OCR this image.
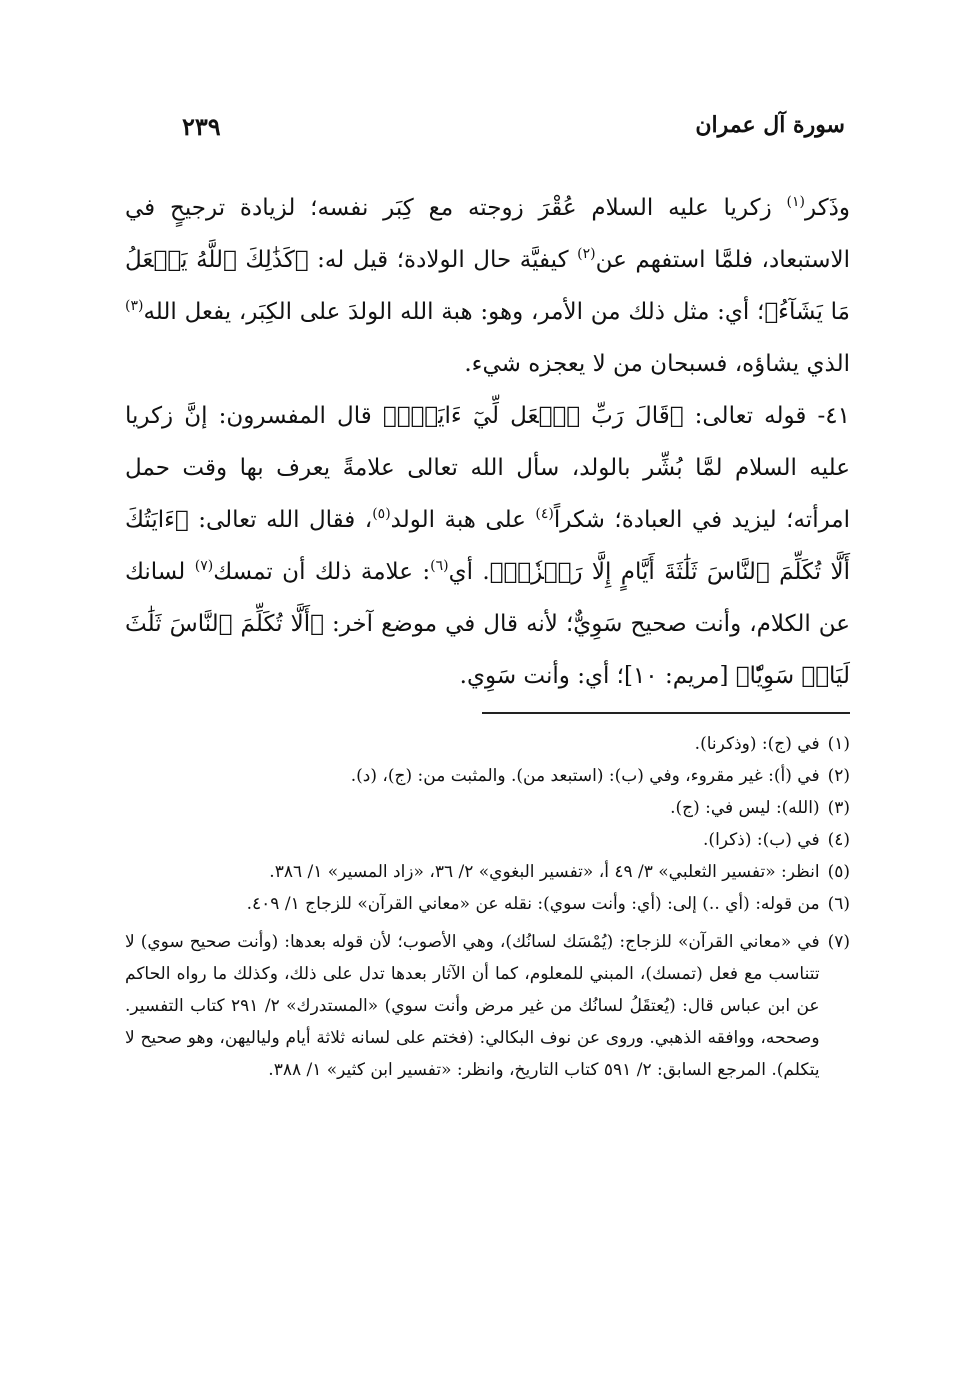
سورة آل عمران
٢٣٩

وذَكر(١) زكريا عليه السلام عُقْرَ زوجته مع كِبَر نفسه؛ لزيادة ترجيحٍ في الاستبعاد، فلمَّا استفهم عن(٢) كيفيَّة حال الولادة؛ قيل له: ﴿كَذَٰلِكَ ٱللَّهُ يَفۡعَلُ مَا يَشَآءُ﴾؛ أي: مثل ذلك من الأمر، وهو: هبة الله الولدَ على الكِبَر، يفعل الله(٣) الذي يشاؤه، فسبحان من لا يعجزه شيء.

٤١- قوله تعالى: ﴿قَالَ رَبِّ ٱجۡعَل لِّيٓ ءَايَةٗۖ﴾ قال المفسرون: إنَّ زكريا عليه السلام لمَّا بُشِّر بالولد، سأل الله تعالى علامةً يعرف بها وقت حمل امرأته؛ ليزيد في العبادة؛ شكراً(٤) على هبة الولد(٥)، فقال الله تعالى: ﴿ءَايَتُكَ أَلَّا تُكَلِّمَ ٱلنَّاسَ ثَلَٰثَةَ أَيَّامٍ إِلَّا رَمۡزٗاۗ﴾. أي(٦): علامة ذلك أن تمسك(٧) لسانك عن الكلام، وأنت صحيح سَوِيٌّ؛ لأنه قال في موضع آخر: ﴿أَلَّا تُكَلِّمَ ٱلنَّاسَ ثَلَٰثَ لَيَالٖ سَوِيّٗا﴾ [مريم: ١٠]؛ أي: وأنت سَوِي.

(١)
في (ج): (وذكرنا).
(٢)
في (أ): غير مقروء، وفي (ب): (استبعد من). والمثبت من: (ج)، (د).
(٣)
(الله): ليس في: (ج).
(٤)
في (ب): (ذكرا).
(٥)
انظر: «تفسير الثعلبي» ٣/ ٤٩ أ، «تفسير البغوي» ٢/ ٣٦، «زاد المسير» ١/ ٣٨٦.
(٦)
من قوله: (أي ..) إلى: (أي: وأنت سوي): نقله عن «معاني القرآن» للزجاج ١/ ٤٠٩.
(٧)
في «معاني القرآن» للزجاج: (يُمْسَك لسانُك)، وهي الأصوب؛ لأن قوله بعدها: (وأنت صحيح سوي) لا تتناسب مع فعل (تمسك)، المبني للمعلوم، كما أن الآثار بعدها تدل على ذلك، وكذلك ما رواه الحاكم عن ابن عباس قال: (يُعتقَلُ لسانُك من غير مرض وأنت سوي) «المستدرك» ٢/ ٢٩١ كتاب التفسير. وصححه، ووافقه الذهبي. وروى عن نوف البكالي: (فختم على لسانه ثلاثة أيام ولياليهن، وهو صحيح لا يتكلم). المرجع السابق: ٢/ ٥٩١ كتاب التاريخ، وانظر: «تفسير ابن كثير» ١/ ٣٨٨.
